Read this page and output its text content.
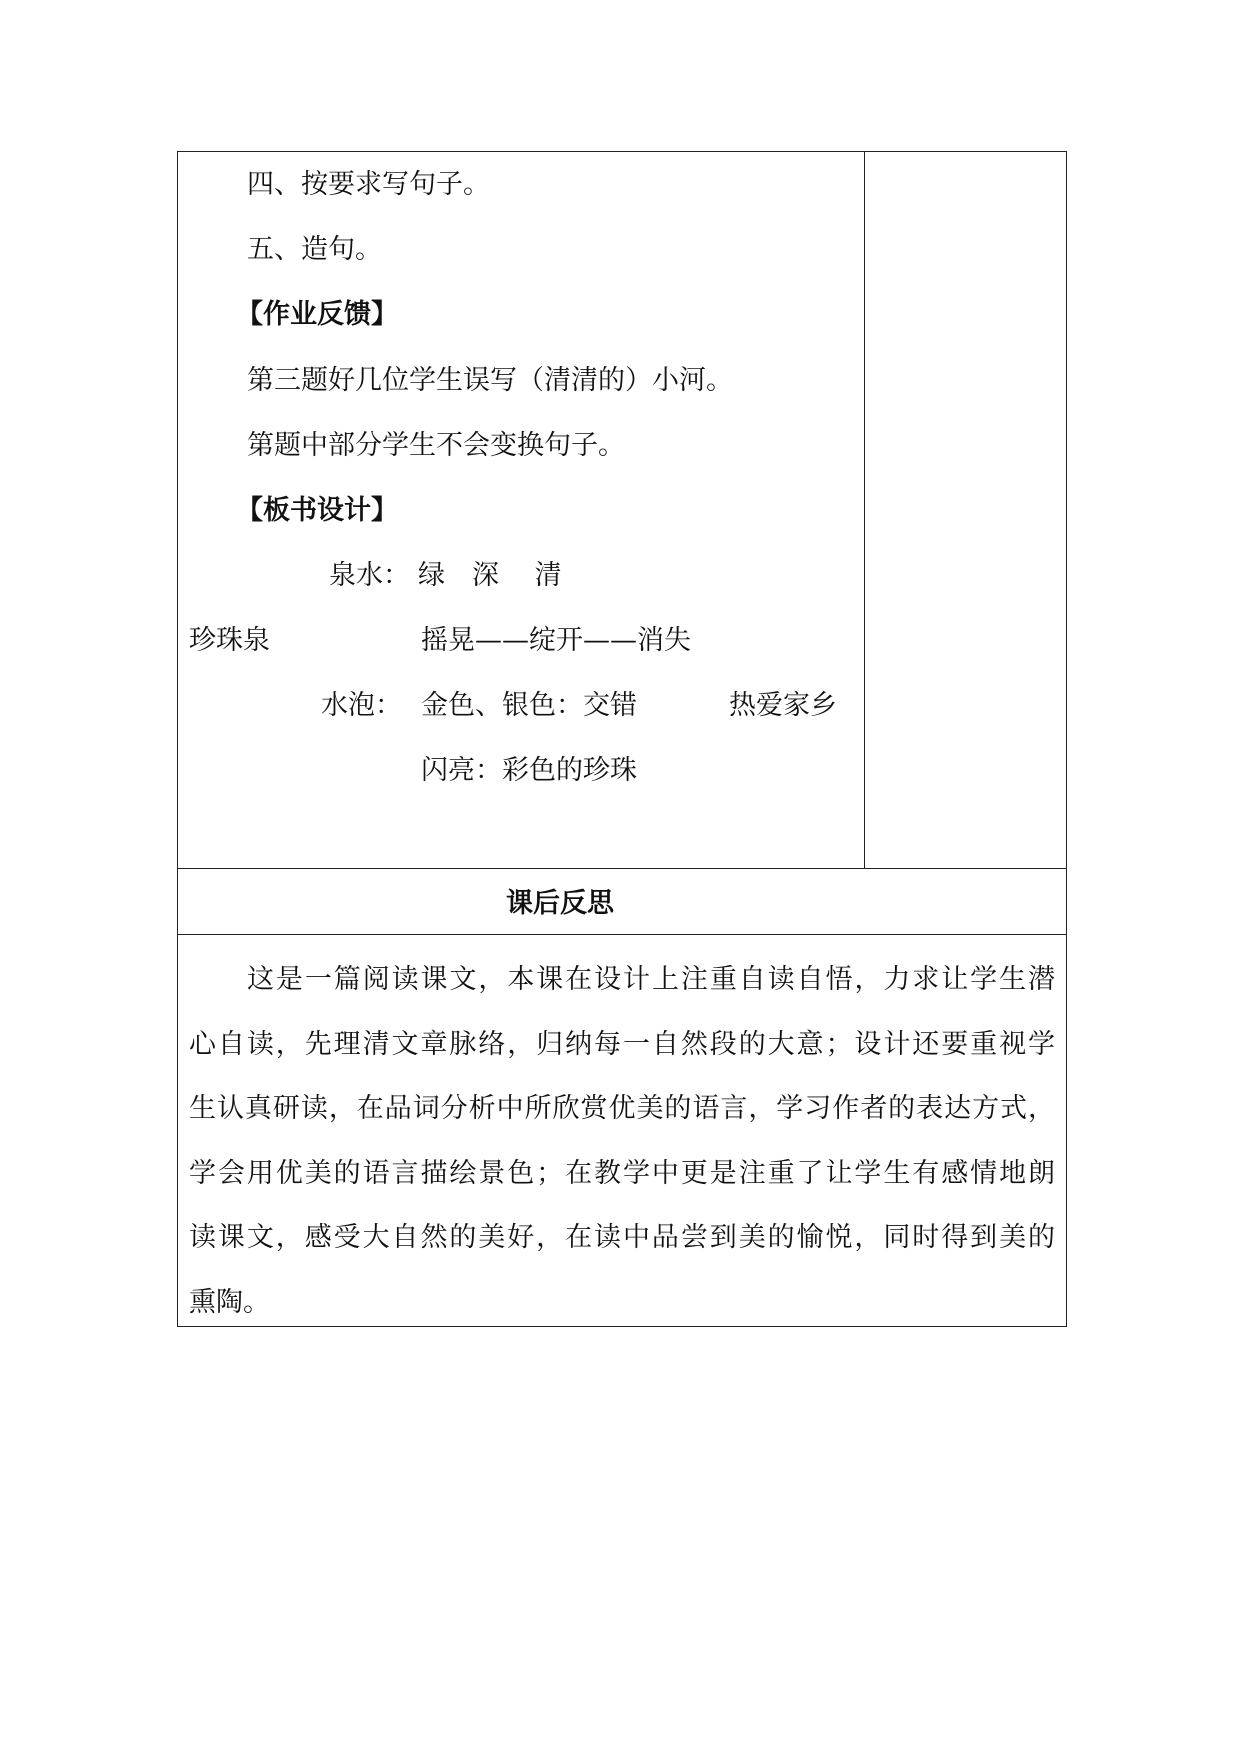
四、按要求写句子。
五、造句。
【作业反馈】
第三题好几位学生误写（清清的）小河。
第题中部分学生不会变换句子。
【板书设计】
泉水： 绿　深　 清
珍珠泉	摇晃——绽开——消失
水泡： 金色、银色：交错	热爱家乡
闪亮：彩色的珍珠
课后反思
这是一篇阅读课文，本课在设计上注重自读自悟，力求让学生潜
心自读，先理清文章脉络，归纳每一自然段的大意；设计还要重视学
生认真研读，在品词分析中所欣赏优美的语言，学习作者的表达方式，
学会用优美的语言描绘景色；在教学中更是注重了让学生有感情地朗
读课文，感受大自然的美好，在读中品尝到美的愉悦，同时得到美的
熏陶。
